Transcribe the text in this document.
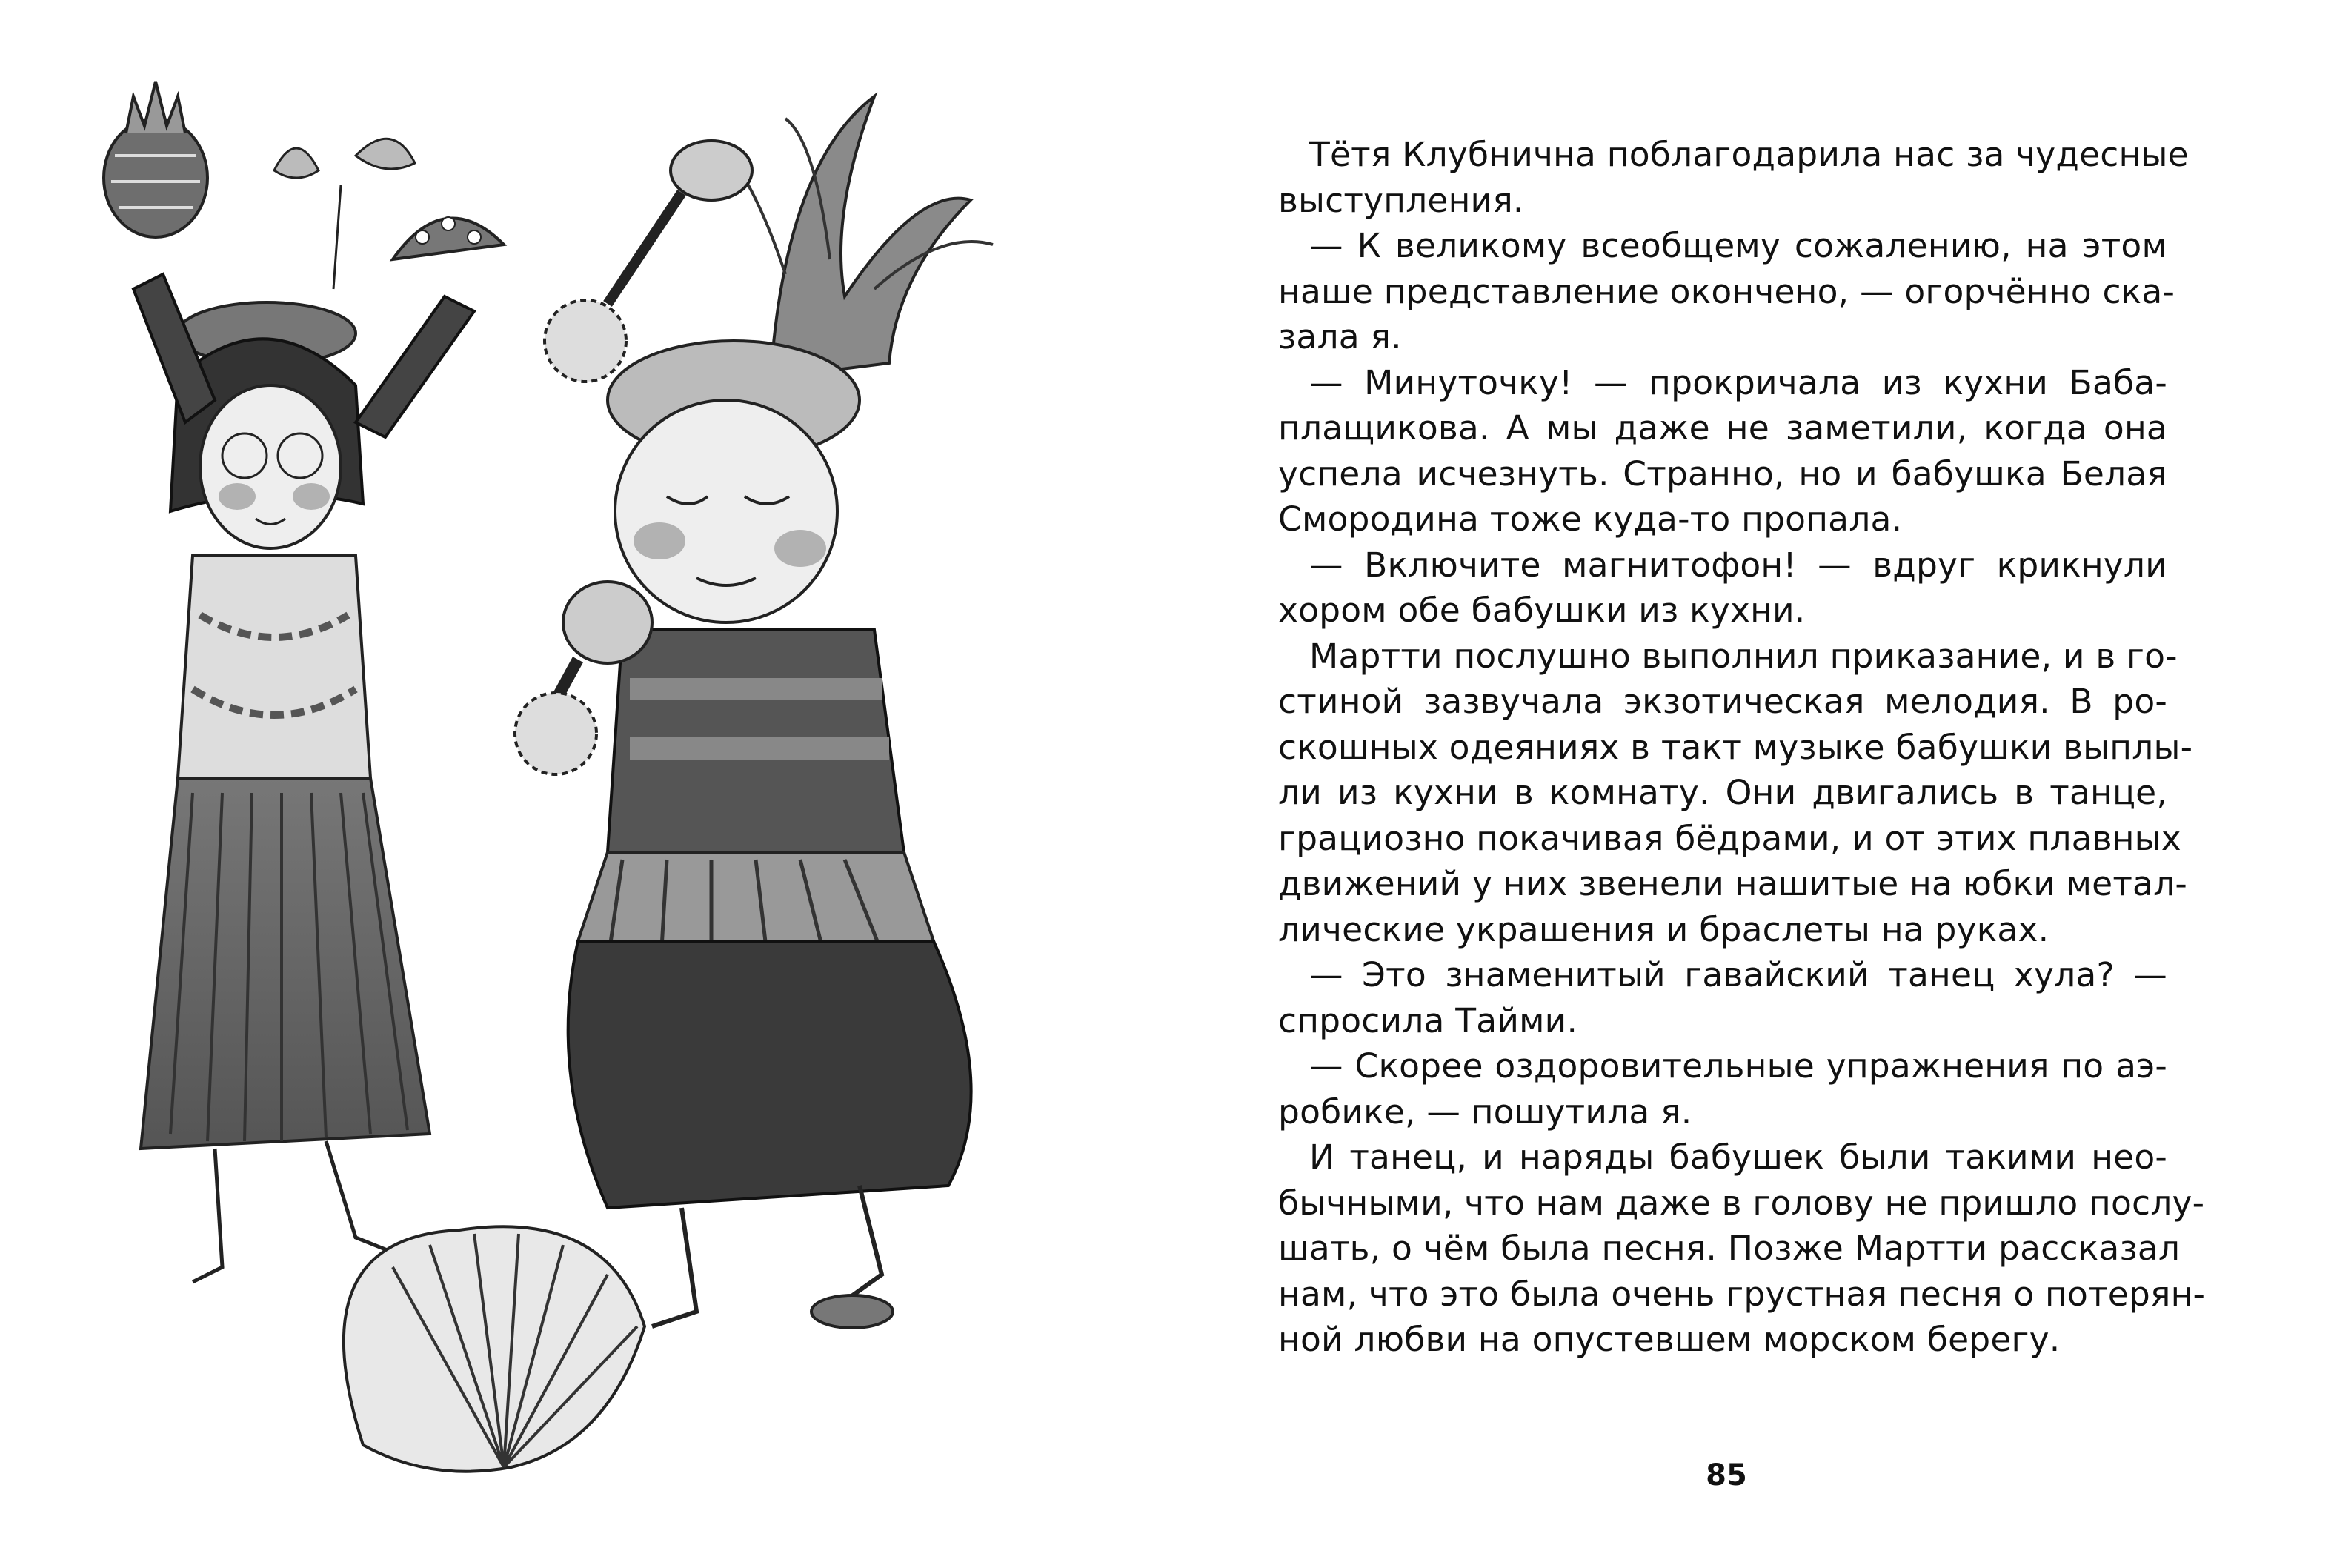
Тётя Клубнична поблагодарила нас за чудесные
выступления.

— К великому всеобщему сожалению, на этом
наше представление окончено, — огорчённо ска-
зала я.

— Минуточку! — прокричала из кухни Баба-
плащикова. А мы даже не заметили, когда она
успела исчезнуть. Странно, но и бабушка Белая
Смородина тоже куда-то пропала.

— Включите магнитофон! — вдруг крикнули
хором обе бабушки из кухни.

Мартти послушно выполнил приказание, и в го-
стиной зазвучала экзотическая мелодия. В ро-
скошных одеяниях в такт музыке бабушки выплы-
ли из кухни в комнату. Они двигались в танце,
грациозно покачивая бёдрами, и от этих плавных
движений у них звенели нашитые на юбки метал-
лические украшения и браслеты на руках.

— Это знаменитый гавайский танец хула? —
спросила Тайми.

— Скорее оздоровительные упражнения по аэ-
робике, — пошутила я.

И танец, и наряды бабушек были такими нео-
бычными, что нам даже в голову не пришло послу-
шать, о чём была песня. Позже Мартти рассказал
нам, что это была очень грустная песня о потерян-
ной любви на опустевшем морском берегу.

85
